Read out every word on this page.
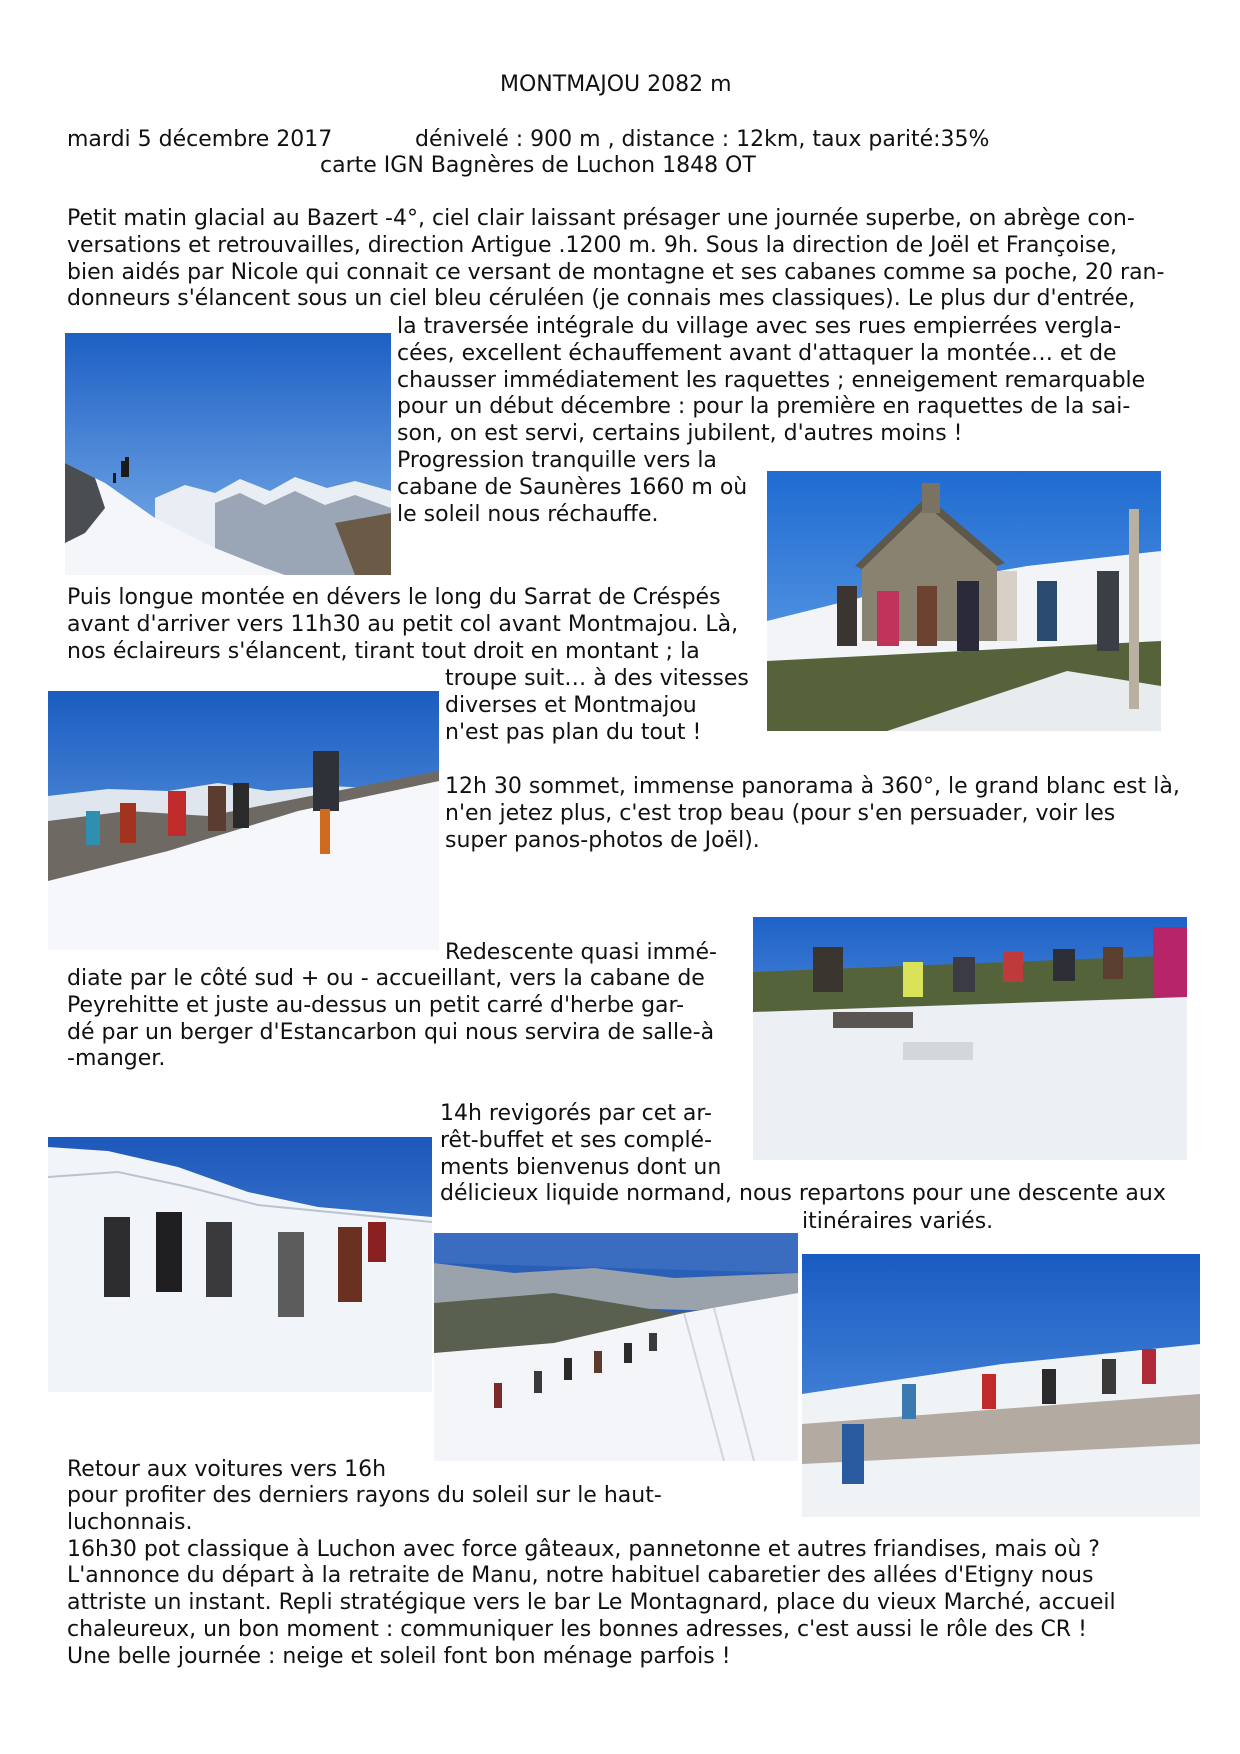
MONTMAJOU 2082 m
mardi 5 décembre 2017	dénivelé : 900 m , distance : 12km, taux parité:35%
carte IGN Bagnères de Luchon 1848 OT
Petit matin glacial au Bazert -4°, ciel clair laissant présager une journée superbe, on abrège con-
versations et retrouvailles, direction Artigue .1200 m. 9h. Sous la direction de Joël et Françoise,
bien aidés par Nicole qui connait ce versant de montagne et ses cabanes comme sa poche, 20 ran-
donneurs s'élancent sous un ciel bleu céruléen (je connais mes classiques). Le plus dur d'entrée,
la traversée intégrale du village avec ses rues empierrées vergla-
cées, excellent échauffement avant d'attaquer la montée… et de
chausser immédiatement les raquettes ; enneigement remarquable
pour un début décembre : pour la première en raquettes de la sai-
son, on est servi, certains jubilent, d'autres moins !
Progression tranquille vers la
cabane de Saunères 1660 m où
le soleil nous réchauffe.
Puis longue montée en dévers le long du Sarrat de Créspés
avant d'arriver vers 11h30 au petit col avant Montmajou. Là,
nos éclaireurs s'élancent, tirant tout droit en montant ; la
troupe suit… à des vitesses
diverses et Montmajou
n'est pas plan du tout !
12h 30 sommet, immense panorama à 360°, le grand blanc est là,
n'en jetez plus, c'est trop beau (pour s'en persuader, voir les
super panos-photos de Joël).
Redescente quasi immé-
diate par le côté sud + ou - accueillant, vers la cabane de
Peyrehitte et juste au-dessus un petit carré d'herbe gar-
dé par un berger d'Estancarbon qui nous servira de salle-à
-manger.
14h revigorés par cet ar-
rêt-buffet et ses complé-
ments bienvenus dont un
délicieux liquide normand, nous repartons pour une descente aux
itinéraires variés.
Retour aux voitures vers 16h
pour profiter des derniers rayons du soleil sur le haut-
luchonnais.
16h30 pot classique à Luchon avec force gâteaux, pannetonne et autres friandises, mais où ?
L'annonce du départ à la retraite de Manu, notre habituel cabaretier des allées d'Etigny nous
attriste un instant. Repli stratégique vers le bar Le Montagnard, place du vieux Marché, accueil
chaleureux, un bon moment : communiquer les bonnes adresses, c'est aussi le rôle des CR !
Une belle journée : neige et soleil font bon ménage parfois !
